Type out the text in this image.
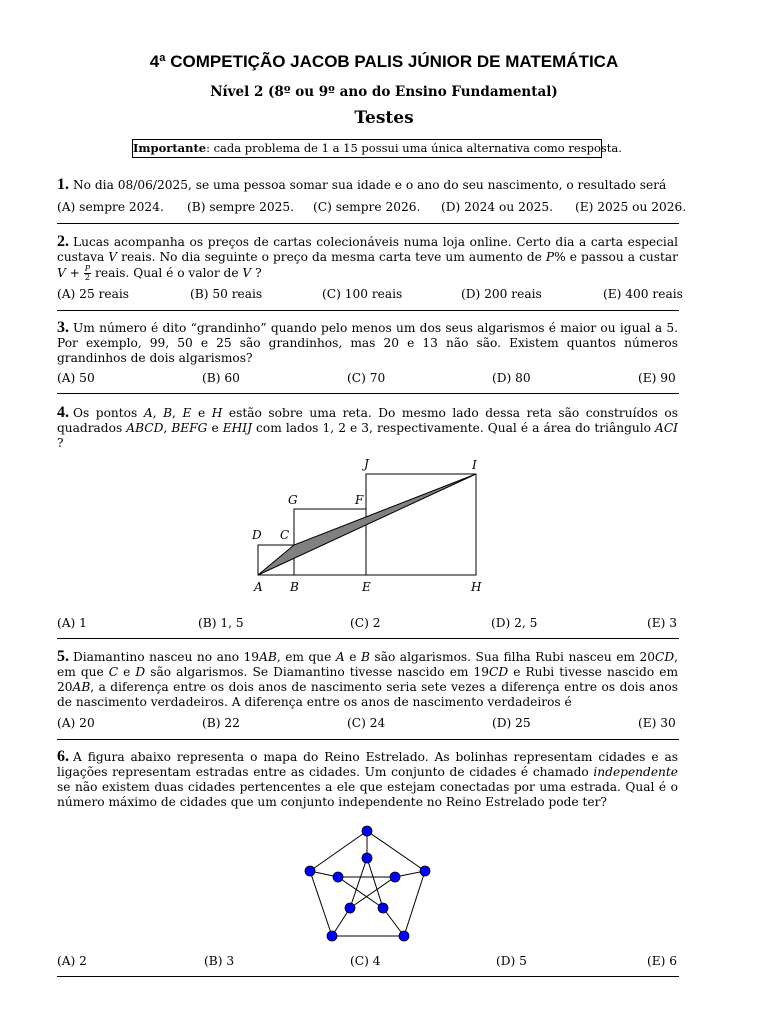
4ª COMPETIÇÃO JACOB PALIS JÚNIOR DE MATEMÁTICA
Nível 2 (8º ou 9º ano do Ensino Fundamental)
Testes
Importante: cada problema de 1 a 15 possui uma única alternativa como resposta.
1. No dia 08/06/2025, se uma pessoa somar sua idade e o ano do seu nascimento, o resultado será
(A) sempre 2024. (B) sempre 2025. (C) sempre 2026. (D) 2024 ou 2025. (E) 2025 ou 2026.
2. Lucas acompanha os preços de cartas colecionáveis numa loja online. Certo dia a carta especial custava V reais. No dia seguinte o preço da mesma carta teve um aumento de P% e passou a custar $V + \frac{P}{2}$ reais. Qual é o valor de V ?
(A) 25 reais	(B) 50 reais	(C) 100 reais	(D) 200 reais	(E) 400 reais
3. Um número é dito “grandinho” quando pelo menos um dos seus algarismos é maior ou igual a 5. Por exemplo, 99, 50 e 25 são grandinhos, mas 20 e 13 não são. Existem quantos números grandinhos de dois algarismos?
(A) 50	(B) 60	(C) 70	(D) 80	(E) 90
4. Os pontos A, B, E e H estão sobre uma reta. Do mesmo lado dessa reta são construídos os quadrados ABCD, BEFG e EHIJ com lados 1, 2 e 3, respectivamente. Qual é a área do triângulo ACI ?
A B	E	H
D C
G	F
J	I
(A) 1	(B) 1, 5	(C) 2	(D) 2, 5	(E) 3
5. Diamantino nasceu no ano 19AB, em que A e B são algarismos. Sua filha Rubi nasceu em 20CD, em que C e D são algarismos. Se Diamantino tivesse nascido em 19CD e Rubi tivesse nascido em 20AB, a diferença entre os dois anos de nascimento seria sete vezes a diferença entre os dois anos de nascimento verdadeiros. A diferença entre os anos de nascimento verdadeiros é
(A) 20	(B) 22	(C) 24	(D) 25	(E) 30
6. A figura abaixo representa o mapa do Reino Estrelado. As bolinhas representam cidades e as ligações representam estradas entre as cidades. Um conjunto de cidades é chamado independente se não existem duas cidades pertencentes a ele que estejam conectadas por uma estrada. Qual é o número máximo de cidades que um conjunto independente no Reino Estrelado pode ter?
(A) 2	(B) 3	(C) 4	(D) 5	(E) 6
